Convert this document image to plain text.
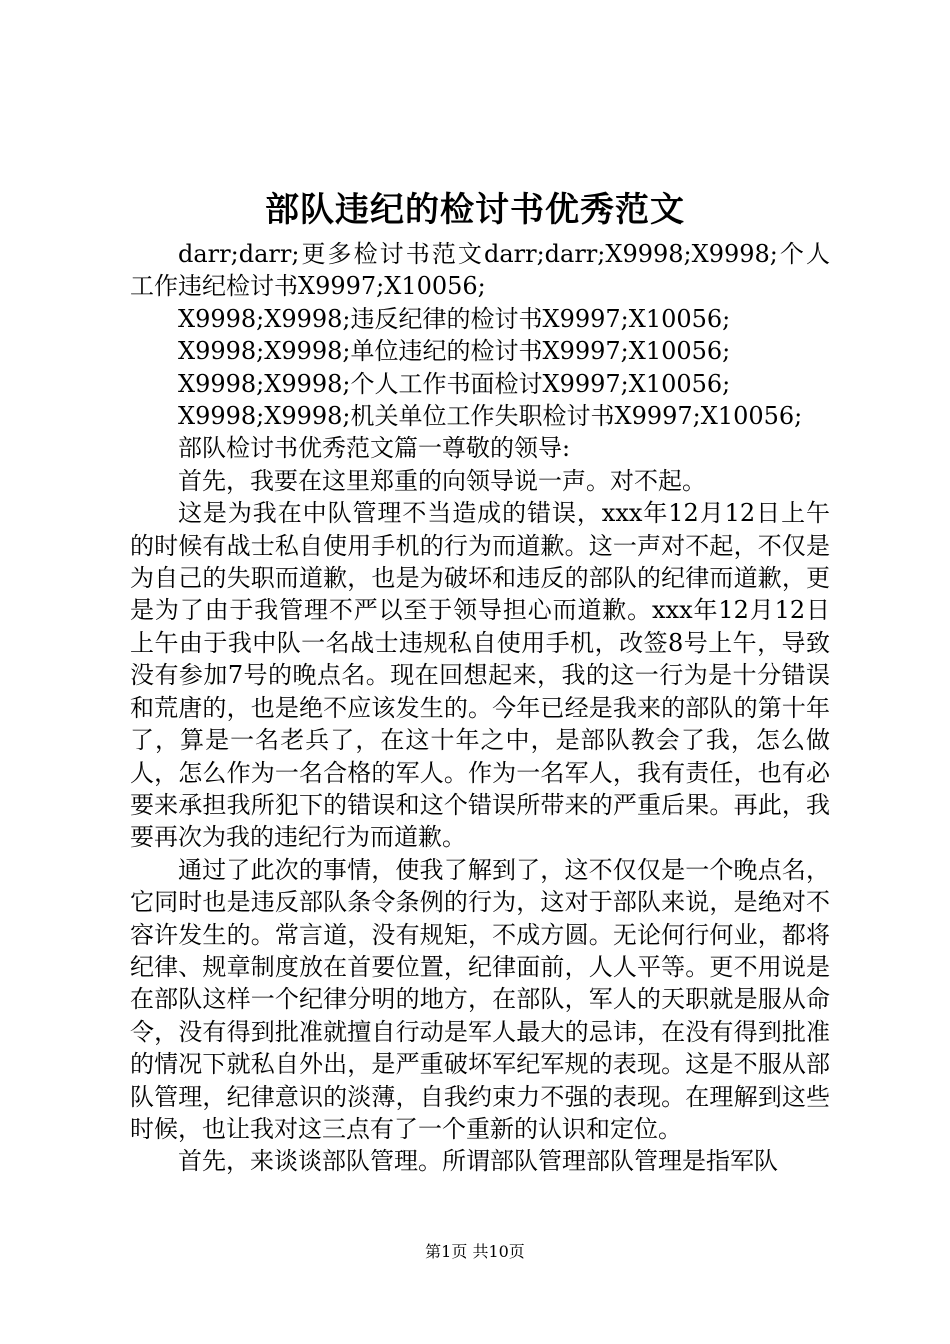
部队违纪的检讨书优秀范文

darr;darr;更多检讨书范文darr;darr;X9998;X9998;个人工作违纪检讨书X9997;X10056;

X9998;X9998;违反纪律的检讨书X9997;X10056;

X9998;X9998;单位违纪的检讨书X9997;X10056;

X9998;X9998;个人工作书面检讨X9997;X10056;

X9998;X9998;机关单位工作失职检讨书X9997;X10056;

部队检讨书优秀范文篇一尊敬的领导:

首先，我要在这里郑重的向领导说一声。对不起。

这是为我在中队管理不当造成的错误，xxx年12月12日上午的时候有战士私自使用手机的行为而道歉。这一声对不起，不仅是为自己的失职而道歉，也是为破坏和违反的部队的纪律而道歉，更是为了由于我管理不严以至于领导担心而道歉。xxx年12月12日上午由于我中队一名战士违规私自使用手机，改签8号上午，导致没有参加7号的晚点名。现在回想起来，我的这一行为是十分错误和荒唐的，也是绝不应该发生的。今年已经是我来的部队的第十年了，算是一名老兵了，在这十年之中，是部队教会了我，怎么做人，怎么作为一名合格的军人。作为一名军人，我有责任，也有必要来承担我所犯下的错误和这个错误所带来的严重后果。再此，我要再次为我的违纪行为而道歉。

通过了此次的事情，使我了解到了，这不仅仅是一个晚点名，它同时也是违反部队条令条例的行为，这对于部队来说，是绝对不容许发生的。常言道，没有规矩，不成方圆。无论何行何业，都将纪律、规章制度放在首要位置，纪律面前，人人平等。更不用说是在部队这样一个纪律分明的地方，在部队，军人的天职就是服从命令，没有得到批准就擅自行动是军人最大的忌讳，在没有得到批准的情况下就私自外出，是严重破坏军纪军规的表现。这是不服从部队管理，纪律意识的淡薄，自我约束力不强的表现。在理解到这些时候，也让我对这三点有了一个重新的认识和定位。

首先，来谈谈部队管理。所谓部队管理部队管理是指军队

第1页 共10页
